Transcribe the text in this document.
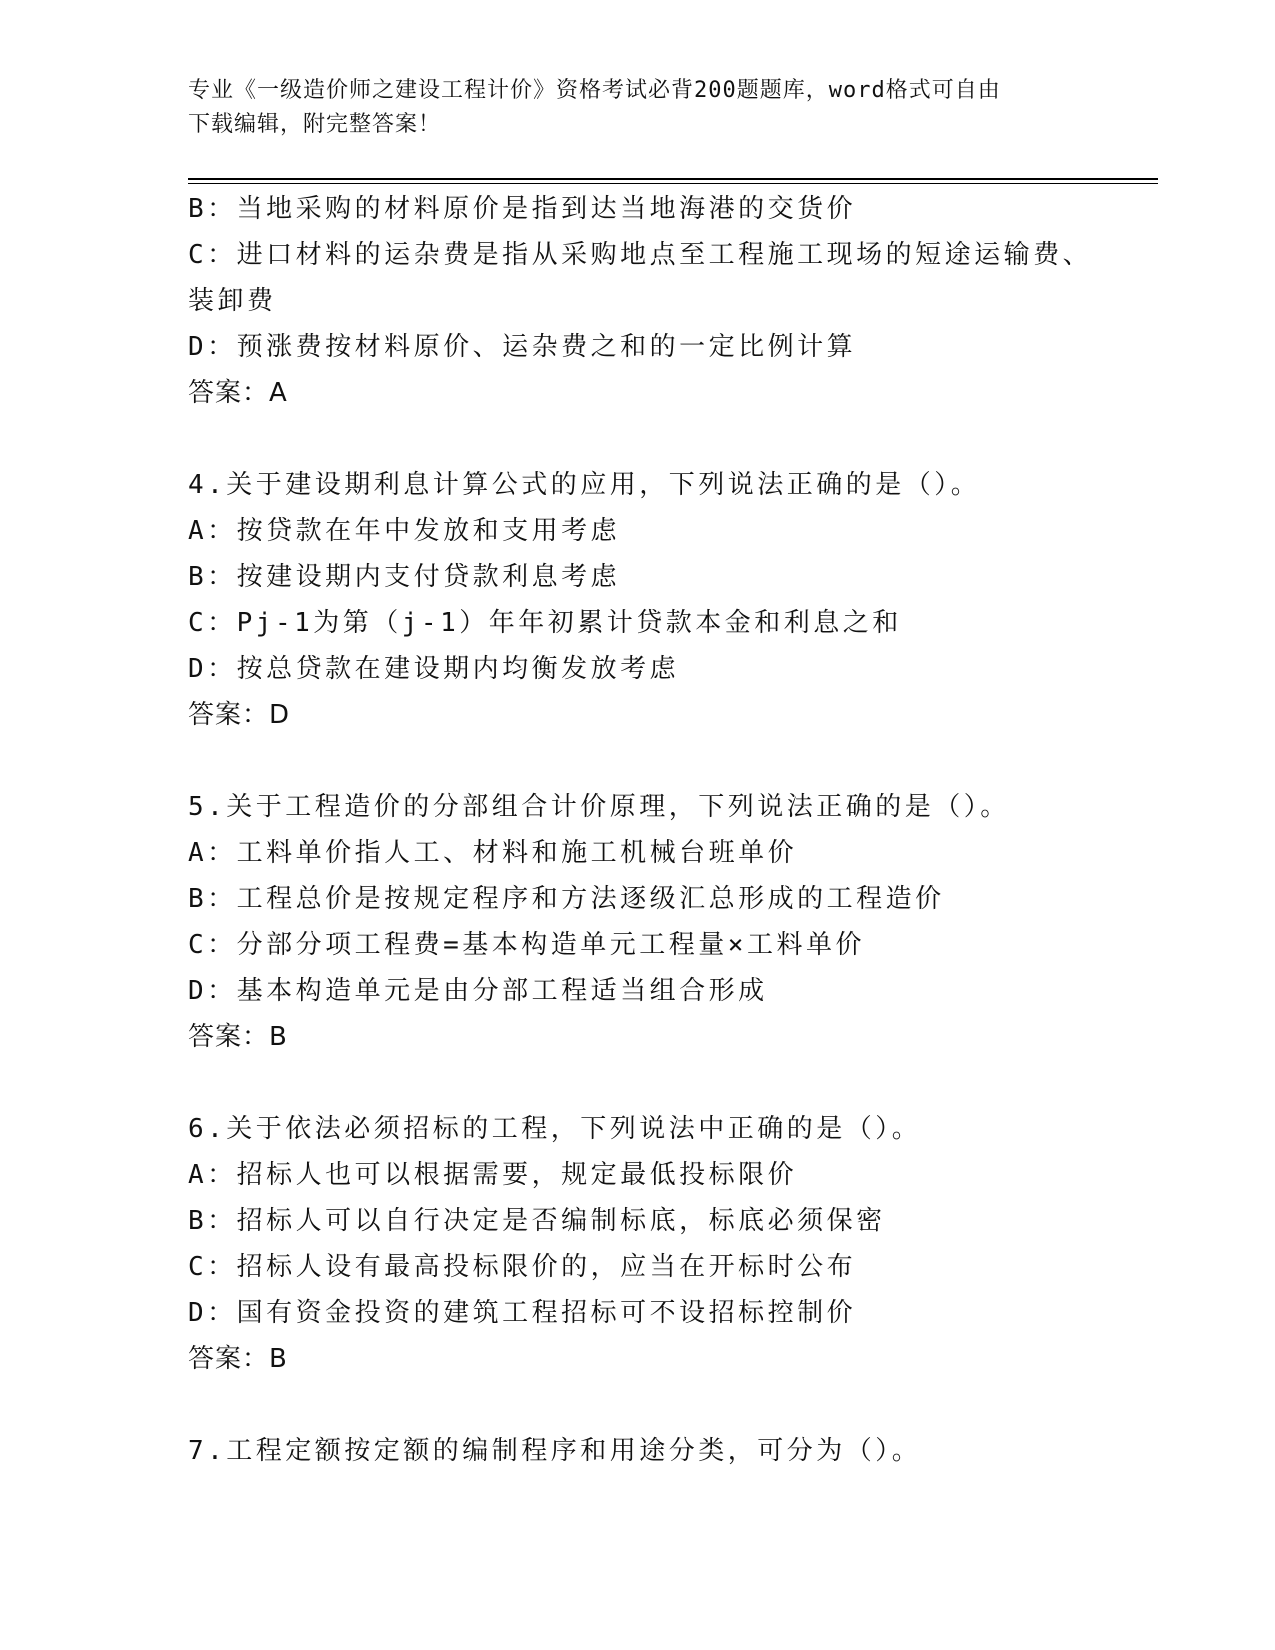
专业《一级造价师之建设工程计价》资格考试必背200题题库，word格式可自由
下载编辑，附完整答案！
B：当地采购的材料原价是指到达当地海港的交货价
C：进口材料的运杂费是指从采购地点至工程施工现场的短途运输费、
装卸费
D：预涨费按材料原价、运杂费之和的一定比例计算
答案：A
4.关于建设期利息计算公式的应用，下列说法正确的是（）。
A：按贷款在年中发放和支用考虑
B：按建设期内支付贷款利息考虑
C：Pj-1为第（j-1）年年初累计贷款本金和利息之和
D：按总贷款在建设期内均衡发放考虑
答案：D
5.关于工程造价的分部组合计价原理，下列说法正确的是（）。
A：工料单价指人工、材料和施工机械台班单价
B：工程总价是按规定程序和方法逐级汇总形成的工程造价
C：分部分项工程费=基本构造单元工程量×工料单价
D：基本构造单元是由分部工程适当组合形成
答案：B
6.关于依法必须招标的工程，下列说法中正确的是（）。
A：招标人也可以根据需要，规定最低投标限价
B：招标人可以自行决定是否编制标底，标底必须保密
C：招标人设有最高投标限价的，应当在开标时公布
D：国有资金投资的建筑工程招标可不设招标控制价
答案：B
7.工程定额按定额的编制程序和用途分类，可分为（）。
